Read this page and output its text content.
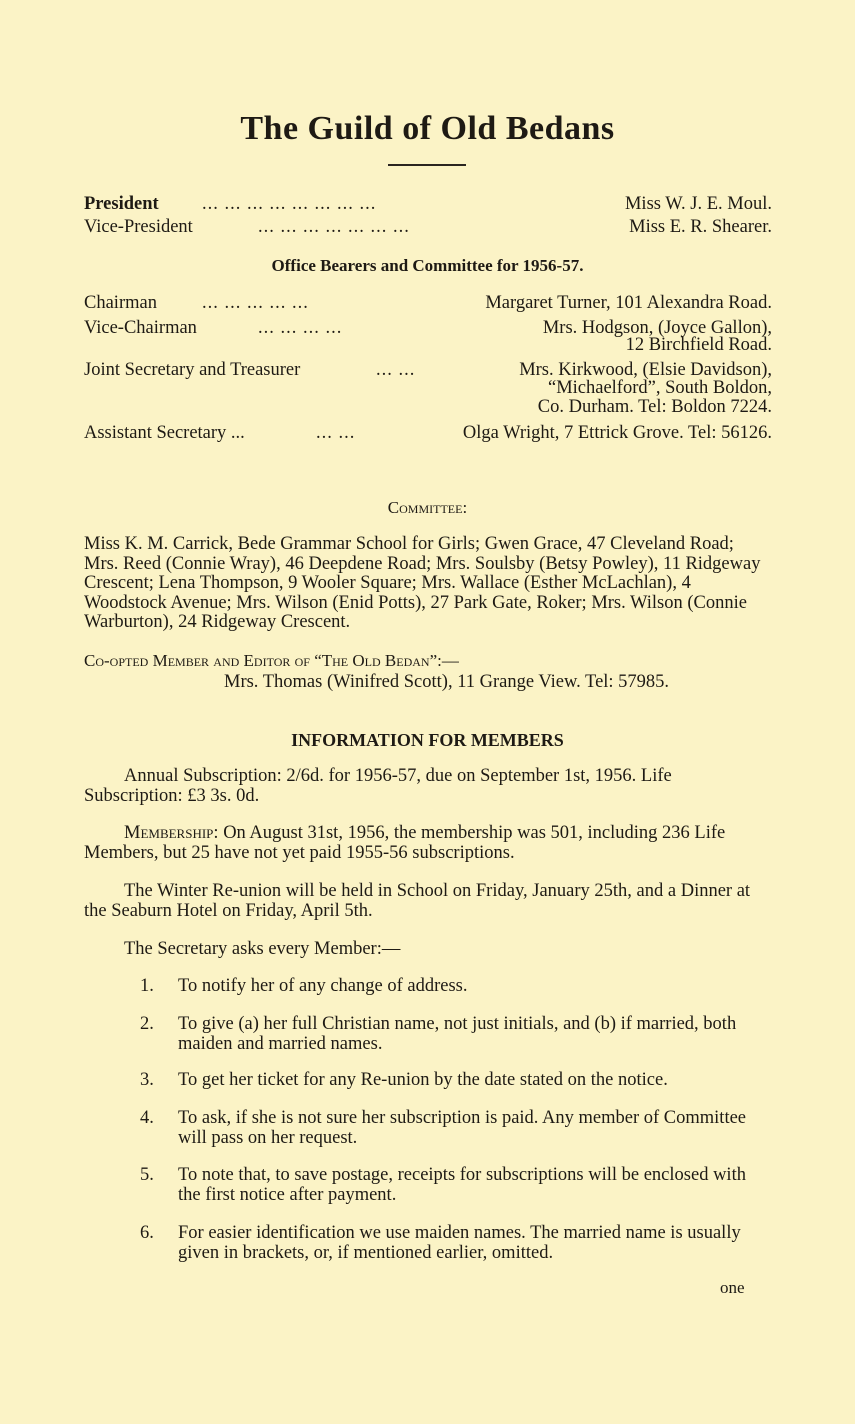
The Guild of Old Bedans
President ... ... ... ... ... ... ... ...	Miss W. J. E. Moul.
Vice-President	... ... ... ... ... ... ...	Miss E. R. Shearer.
Office Bearers and Committee for 1956-57.
Chairman ... ... ... ... ...	Margaret Turner, 101 Alexandra Road.
Vice-Chairman	... ... ... ...	Mrs. Hodgson, (Joyce Gallon),
12 Birchfield Road.
Joint Secretary and Treasurer	... ...	Mrs. Kirkwood, (Elsie Davidson),
“Michaelford”, South Boldon,
Co. Durham. Tel: Boldon 7224.
Assistant Secretary ...	... ...	Olga Wright, 7 Ettrick Grove. Tel: 56126.
Committee:
Miss K. M. Carrick, Bede Grammar School for Girls; Gwen Grace, 47 Cleveland Road; Mrs. Reed (Connie Wray), 46 Deepdene Road; Mrs. Soulsby (Betsy Powley), 11 Ridgeway Crescent; Lena Thompson, 9 Wooler Square; Mrs. Wallace (Esther McLachlan), 4 Woodstock Avenue; Mrs. Wilson (Enid Potts), 27 Park Gate, Roker; Mrs. Wilson (Connie Warburton), 24 Ridgeway Crescent.
Co-opted Member and Editor of “The Old Bedan”:—
Mrs. Thomas (Winifred Scott), 11 Grange View. Tel: 57985.
INFORMATION FOR MEMBERS
Annual Subscription: 2/6d. for 1956-57, due on September 1st, 1956. Life Subscription: £3 3s. 0d.
Membership: On August 31st, 1956, the membership was 501, including 236 Life Members, but 25 have not yet paid 1955-56 subscriptions.
The Winter Re-union will be held in School on Friday, January 25th, and a Dinner at the Seaburn Hotel on Friday, April 5th.
The Secretary asks every Member:—
1. To notify her of any change of address.
2. To give (a) her full Christian name, not just initials, and (b) if married, both maiden and married names.
3. To get her ticket for any Re-union by the date stated on the notice.
4. To ask, if she is not sure her subscription is paid. Any member of Committee will pass on her request.
5. To note that, to save postage, receipts for subscriptions will be enclosed with the first notice after payment.
6. For easier identification we use maiden names. The married name is usually given in brackets, or, if mentioned earlier, omitted.
one
